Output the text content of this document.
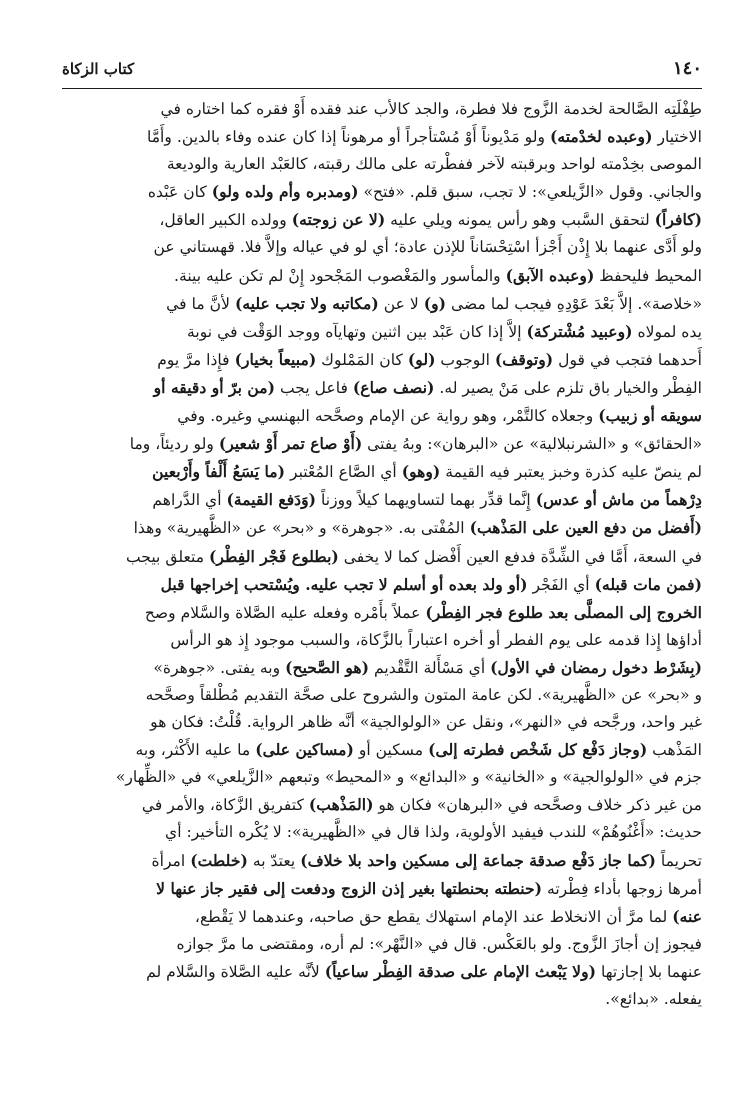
١٤٠
كتاب الزكاة

طِفْلَتِه الصَّالحة لخدمة الزَّوج فلا فطرة، والجد كالأب عند فقده أَوْ فقره كما اختاره في

الاختيار (وعبده لخدْمته) ولو مَدْيوناً أَوْ مُسْتأجراً أو مرهوناً إذا كان عنده وفاء بالدين. وأَمَّا

الموصى بخِدْمته لواحد وبرقبته لآخر ففطْرته على مالك رقبته، كالعَبْد العارية والوديعة

والجاني. وقول «الزَّيلعي»: لا تجب، سبق قلم. «فتح» (ومدبره وأم ولده ولو) كان عَبْده

(كافراً) لتحقق السَّبب وهو رأس يمونه ويلي عليه (لا عن زوجته) وولده الكبير العاقل،

ولو أَدَّى عنهما بلا إِذْن أَجْزأ اسْتِحْسَاناً للإذن عادة؛ أي لو في عياله وإلاَّ فلا. قهستاني عن

المحيط فليحفظ (وعبده الآبق) والمأسور والمَغْصوب المَجْحود إِنْ لم تكن عليه بينة.

«خلاصة». إلاَّ بَعْدَ عَوْدِهِ فيجب لما مضى (و) لا عن (مكاتبه ولا تجب عليه) لأنَّ ما في

يده لمولاه (وعبيد مُشْتركة) إلاَّ إذا كان عَبْد بين اثنين وتهايآه ووجد الوَقْت في نوبة

أَحدهما فتجب في قول (وتوقف) الوجوب (لو) كان المَمْلوك (مبيعاً بخيار) فإِذا مرَّ يوم

الفِطْر والخيار باق تلزم على مَنْ يصير له. (نصف صاع) فاعل يجب (من برّ أو دقيقه أو

سويقه أو زبيب) وجعلاه كالتَّمْر، وهو رواية عن الإمام وصحَّحه البهنسي وغيره. وفي

«الحقائق» و «الشرنبلالية» عن «البرهان»: وبهُ يفتى (أَوْ صاع تمر أَوْ شعير) ولو رديئاً، وما

لم ينصّ عليه كذرة وخبز يعتبر فيه القيمة (وهو) أي الصَّاع المُعْتبر (ما يَسَعُ أَلْفاً وأَرْبعين

دِرْهماً من ماش أو عدس) إِنَّما قدِّر بهما لتساويهما كيلاً ووزناً (وَدَفع القيمة) أي الدَّراهم

(أَفضل من دفع العين على المَذْهب) المُفْتى به. «جوهرة» و «بحر» عن «الظَّهيرية» وهذا

في السعة، أَمَّا في الشِّدَّة فدفع العين أَفْضل كما لا يخفى (بطلوع فَجْر الفِطْر) متعلق بيجب

(فمن مات قبله) أي الفَجْر (أو ولد بعده أو أسلم لا تجب عليه. ويُسْتحب إخراجها قبل

الخروج إلى المصلَّى بعد طلوع فجر الفِطْر) عملاً بأَمْره وفعله عليه الصَّلاة والسَّلام وصح

أداؤها إِذا قدمه على يوم الفطر أو أخره اعتباراً بالزَّكاة، والسبب موجود إِذ هو الرأس

(بِشَرْط دخول رمضان في الأول) أي مَسْأَلة التَّقْديم (هو الصَّحيح) وبه يفتى. «جوهرة»

و «بحر» عن «الظَّهيرية». لكن عامة المتون والشروح على صحَّة التقديم مُطْلقاً وصحَّحه

غير واحد، ورجَّحه في «النهر»، ونقل عن «الولوالجية» أنَّه ظاهر الرواية. قُلْتُ: فكان هو

المَذْهب (وجاز دَفْع كل شَخْص فطرته إلى) مسكين أو (مساكين على) ما عليه الأَكْثر، وبه

جزم في «الولوالجية» و «الخانية» و «البدائع» و «المحيط» وتبعهم «الزَّيلعي» في «الظِّهار»

من غير ذكر خلاف وصحَّحه في «البرهان» فكان هو (المَذْهب) كتفريق الزَّكاة، والأمر في

حديث: «أَغْنُوهُمْ» للندب فيفيد الأولوية، ولذا قال في «الظَّهيرية»: لا يُكْره التأخير: أي

تحريماً (كما جاز دَفْع صدقة جماعة إلى مسكين واحد بلا خلاف) يعتدّ به (خلطت) امرأة

أمرها زوجها بأداء فِطْرته (حنطته بحنطتها بغير إذن الزوج ودفعت إلى فقير جاز عنها لا

عنه) لما مرَّ أن الانخلاط عند الإمام استهلاك يقطع حق صاحبه، وعندهما لا يَقْطع،

فيجوز إن أجازَ الزَّوج. ولو بالعَكْس. قال في «النَّهْر»: لم أره، ومقتضى ما مرَّ جوازه

عنهما بلا إجازتها (ولا يَبْعث الإمام على صدقة الفِطْر ساعياً) لأنَّه عليه الصَّلاة والسَّلام لم

يفعله. «بدائع».
